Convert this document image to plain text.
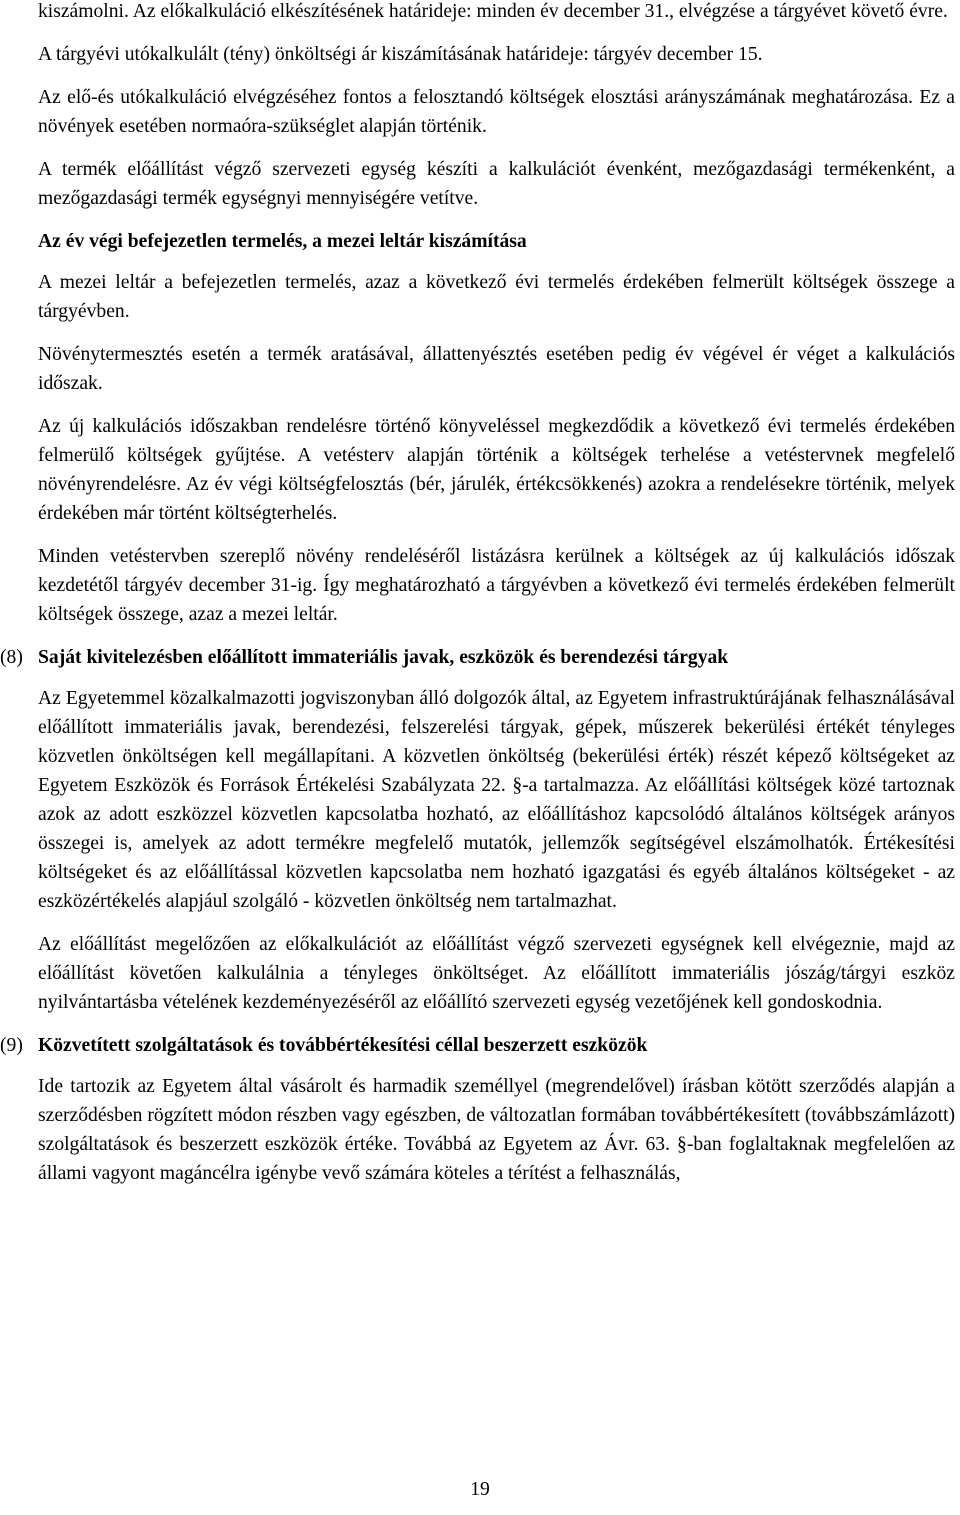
kiszámolni. Az előkalkuláció elkészítésének határideje: minden év december 31., elvégzése a tárgyévet követő évre.

A tárgyévi utókalkulált (tény) önköltségi ár kiszámításának határideje: tárgyév december 15.

Az elő-és utókalkuláció elvégzéséhez fontos a felosztandó költségek elosztási arányszámának meghatározása. Ez a növények esetében normaóra-szükséglet alapján történik.

A termék előállítást végző szervezeti egység készíti a kalkulációt évenként, mezőgazdasági termékenként, a mezőgazdasági termék egységnyi mennyiségére vetítve.

Az év végi befejezetlen termelés, a mezei leltár kiszámítása

A mezei leltár a befejezetlen termelés, azaz a következő évi termelés érdekében felmerült költségek összege a tárgyévben.

Növénytermesztés esetén a termék aratásával, állattenyésztés esetében pedig év végével ér véget a kalkulációs időszak.

Az új kalkulációs időszakban rendelésre történő könyveléssel megkezdődik a következő évi termelés érdekében felmerülő költségek gyűjtése. A vetésterv alapján történik a költségek terhelése a vetéstervnek megfelelő növényrendelésre. Az év végi költségfelosztás (bér, járulék, értékcsökkenés) azokra a rendelésekre történik, melyek érdekében már történt költségterhelés.

Minden vetéstervben szereplő növény rendeléséről listázásra kerülnek a költségek az új kalkulációs időszak kezdetétől tárgyév december 31-ig. Így meghatározható a tárgyévben a következő évi termelés érdekében felmerült költségek összege, azaz a mezei leltár.

(8) Saját kivitelezésben előállított immateriális javak, eszközök és berendezési tárgyak

Az Egyetemmel közalkalmazotti jogviszonyban álló dolgozók által, az Egyetem infrastruktúrájának felhasználásával előállított immateriális javak, berendezési, felszerelési tárgyak, gépek, műszerek bekerülési értékét tényleges közvetlen önköltségen kell megállapítani. A közvetlen önköltség (bekerülési érték) részét képező költségeket az Egyetem Eszközök és Források Értékelési Szabályzata 22. §-a tartalmazza. Az előállítási költségek közé tartoznak azok az adott eszközzel közvetlen kapcsolatba hozható, az előállításhoz kapcsolódó általános költségek arányos összegei is, amelyek az adott termékre megfelelő mutatók, jellemzők segítségével elszámolhatók. Értékesítési költségeket és az előállítással közvetlen kapcsolatba nem hozható igazgatási és egyéb általános költségeket - az eszközértékelés alapjául szolgáló - közvetlen önköltség nem tartalmazhat.

Az előállítást megelőzően az előkalkulációt az előállítást végző szervezeti egységnek kell elvégeznie, majd az előállítást követően kalkulálnia a tényleges önköltséget. Az előállított immateriális jószág/tárgyi eszköz nyilvántartásba vételének kezdeményezéséről az előállító szervezeti egység vezetőjének kell gondoskodnia.

(9) Közvetített szolgáltatások és továbbértékesítési céllal beszerzett eszközök

Ide tartozik az Egyetem által vásárolt és harmadik személlyel (megrendelővel) írásban kötött szerződés alapján a szerződésben rögzített módon részben vagy egészben, de változatlan formában továbbértékesített (továbbszámlázott) szolgáltatások és beszerzett eszközök értéke. Továbbá az Egyetem az Ávr. 63. §-ban foglaltaknak megfelelően az állami vagyont magáncélra igénybe vevő számára köteles a térítést a felhasználás,

19
